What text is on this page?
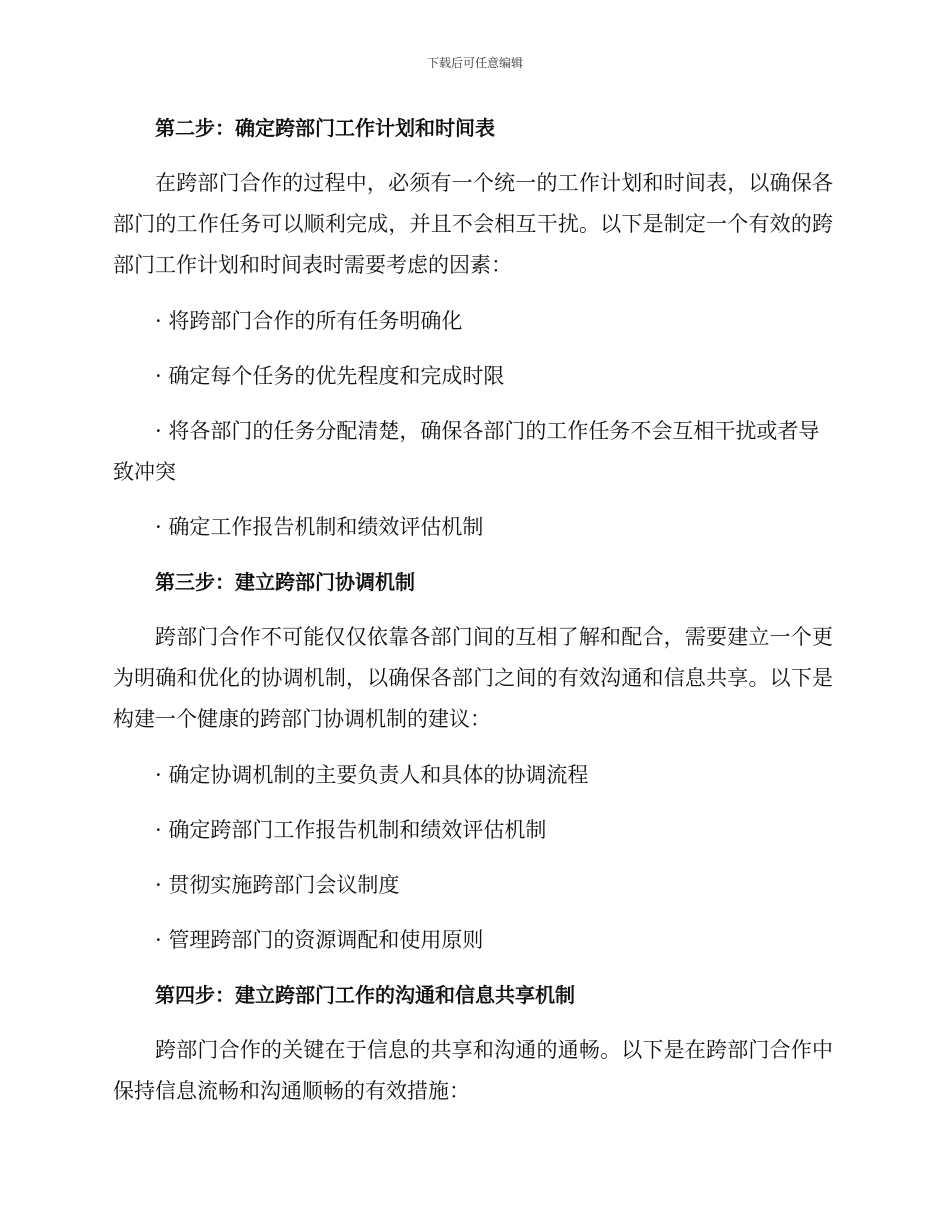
下载后可任意编辑
第二步：确定跨部门工作计划和时间表
在跨部门合作的过程中，必须有一个统一的工作计划和时间表，以确保各部门的工作任务可以顺利完成，并且不会相互干扰。以下是制定一个有效的跨部门工作计划和时间表时需要考虑的因素：
· 将跨部门合作的所有任务明确化
· 确定每个任务的优先程度和完成时限
· 将各部门的任务分配清楚，确保各部门的工作任务不会互相干扰或者导致冲突
· 确定工作报告机制和绩效评估机制
第三步：建立跨部门协调机制
跨部门合作不可能仅仅依靠各部门间的互相了解和配合，需要建立一个更为明确和优化的协调机制，以确保各部门之间的有效沟通和信息共享。以下是构建一个健康的跨部门协调机制的建议：
· 确定协调机制的主要负责人和具体的协调流程
· 确定跨部门工作报告机制和绩效评估机制
· 贯彻实施跨部门会议制度
· 管理跨部门的资源调配和使用原则
第四步：建立跨部门工作的沟通和信息共享机制
跨部门合作的关键在于信息的共享和沟通的通畅。以下是在跨部门合作中保持信息流畅和沟通顺畅的有效措施：
